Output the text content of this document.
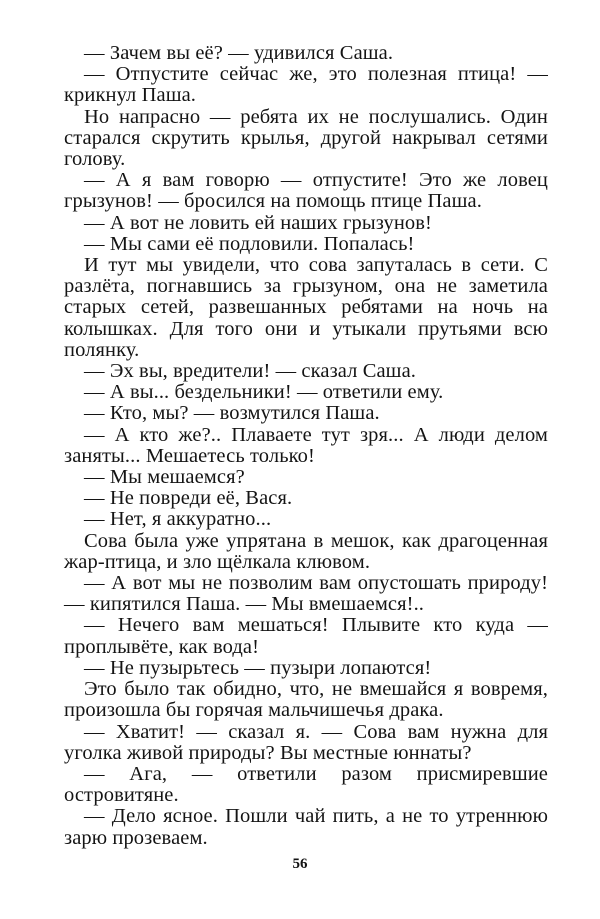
— Зачем вы её? — удивился Саша.

— Отпустите сейчас же, это полезная птица! — крикнул Паша.

Но напрасно — ребята их не послушались. Один старался скрутить крылья, другой накрывал сетями голову.

— А я вам говорю — отпустите! Это же ловец грызунов! — бросился на помощь птице Паша.

— А вот не ловить ей наших грызунов!

— Мы сами её подловили. Попалась!

И тут мы увидели, что сова запуталась в сети. С разлёта, погнавшись за грызуном, она не заметила старых сетей, развешанных ребятами на ночь на колышках. Для того они и утыкали прутьями всю полянку.

— Эх вы, вредители! — сказал Саша.

— А вы... бездельники! — ответили ему.

— Кто, мы? — возмутился Паша.

— А кто же?.. Плаваете тут зря... А люди делом заняты... Мешаетесь только!

— Мы мешаемся?

— Не повреди её, Вася.

— Нет, я аккуратно...

Сова была уже упрятана в мешок, как драгоценная жар-птица, и зло щёлкала клювом.

— А вот мы не позволим вам опустошать природу! — кипятился Паша. — Мы вмешаемся!..

— Нечего вам мешаться! Плывите кто куда — проплывёте, как вода!

— Не пузырьтесь — пузыри лопаются!

Это было так обидно, что, не вмешайся я вовремя, произошла бы горячая мальчишечья драка.

— Хватит! — сказал я. — Сова вам нужна для уголка живой природы? Вы местные юннаты?

— Ага, — ответили разом присмиревшие островитяне.

— Дело ясное. Пошли чай пить, а не то утреннюю зарю прозеваем.

56
